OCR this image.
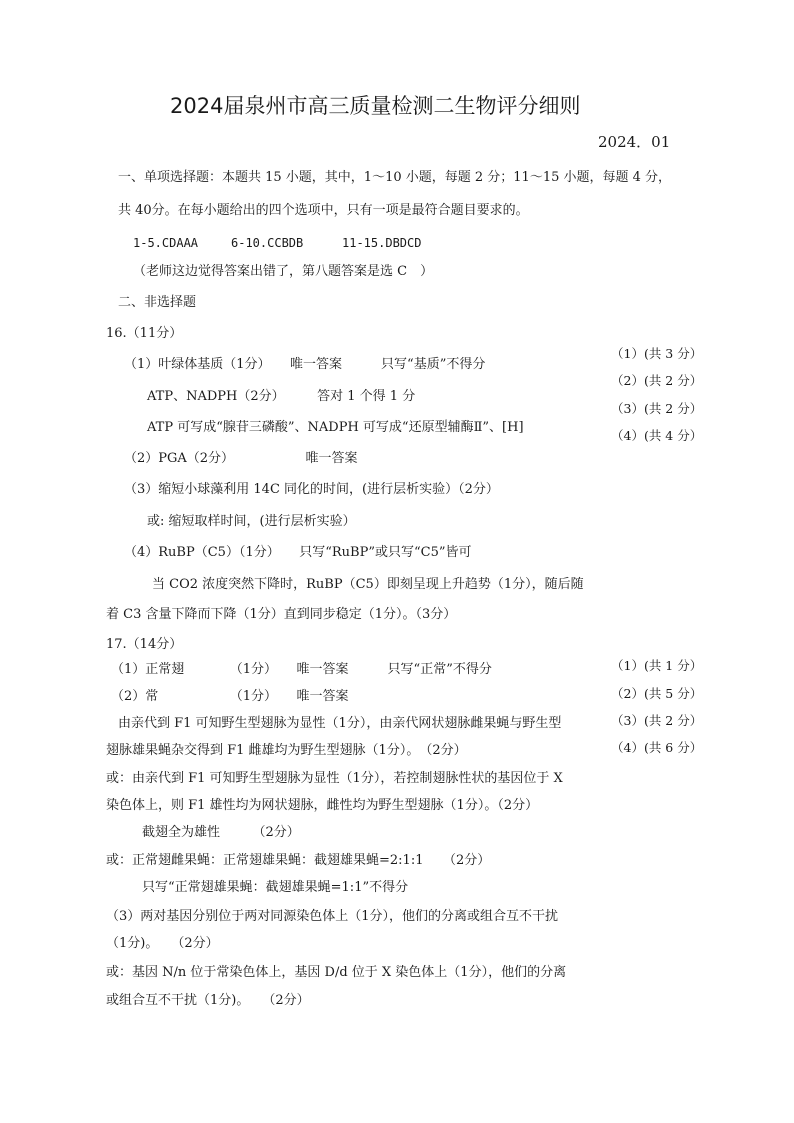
2024届泉州市高三质量检测二生物评分细则
2024．01
一、单项选择题：本题共 15 小题，其中，1～10 小题，每题 2 分；11～15 小题，每题 4 分，
共 40分。在每小题给出的四个选项中，只有一项是最符合题目要求的。
1-5.CDAAA	6-10.CCBDB	11-15.DBDCD
（老师这边觉得答案出错了，第八题答案是选 C　）
二、非选择题
16.（11分）
（1）叶绿体基质（1分）　　唯一答案　　　只写“基质”不得分
ATP、NADPH（2分）　　　答对 1 个得 1 分
ATP 可写成“腺苷三磷酸”、NADPH 可写成“还原型辅酶Ⅱ”、[H]
（2）PGA（2分）　　　　　　唯一答案
（3）缩短小球藻利用 14C 同化的时间，(进行层析实验）（2分）
或: 缩短取样时间，(进行层析实验）
（4）RuBP（C5）（1分）　　只写“RuBP”或只写“C5”皆可
当 CO2 浓度突然下降时，RuBP（C5）即刻呈现上升趋势（1分），随后随
着 C3 含量下降而下降（1分）直到同步稳定（1分）。（3分）
（1）(共 3 分）
（2）(共 2 分）
（3）(共 2 分）
（4）(共 4 分）
17.（14分）
（1）正常翅　　　　（1分）　　唯一答案　　　只写“正常”不得分
（2）常　　　　　　（1分）　　唯一答案
由亲代到 F1 可知野生型翅脉为显性（1分），由亲代网状翅脉雌果蝇与野生型
翅脉雄果蝇杂交得到 F1 雌雄均为野生型翅脉（1分）。　（2分）
或：由亲代到 F1 可知野生型翅脉为显性（1分），若控制翅脉性状的基因位于 X
染色体上，则 F1 雄性均为网状翅脉，雌性均为野生型翅脉（1分）。（2分）
截翅全为雄性　　　（2分）
或：正常翅雌果蝇：正常翅雄果蝇：截翅雄果蝇=2:1:1　　（2分）
只写“正常翅雄果蝇：截翅雄果蝇=1:1”不得分
（3）两对基因分别位于两对同源染色体上（1分），他们的分离或组合互不干扰
（1分)。　　（2分）
或：基因 N/n 位于常染色体上，基因 D/d 位于 X 染色体上（1分），他们的分离
或组合互不干扰（1分)。　　（2分）
（1）(共 1 分）
（2）(共 5 分）
（3）(共 2 分）
（4）(共 6 分）
